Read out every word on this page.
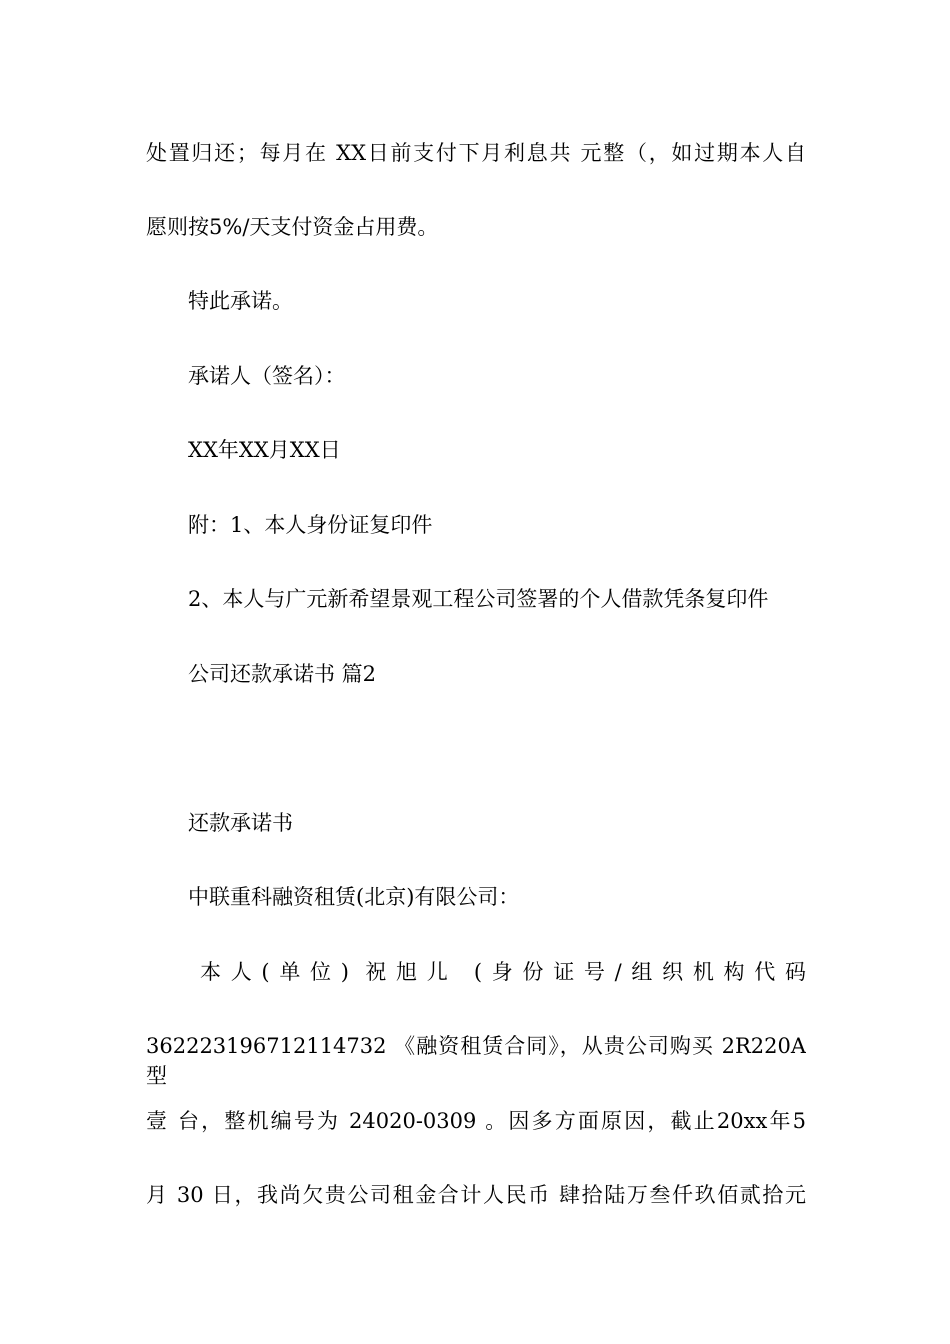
处置归还；每月在 XX日前支付下月利息共 元整（，如过期本人自
愿则按5%/天支付资金占用费。
特此承诺。
承诺人（签名）：
XX年XX月XX日
附：1、本人身份证复印件
2、本人与广元新希望景观工程公司签署的个人借款凭条复印件
公司还款承诺书 篇2
还款承诺书
中联重科融资租赁(北京)有限公司：
本人(单位) 祝旭儿 (身份证号/组织机构代码
362223196712114732 《融资租赁合同》，从贵公司购买 2R220A 型
壹 台，整机编号为 24020-0309 。因多方面原因，截止20xx年5
月 30 日，我尚欠贵公司租金合计人民币 肆拾陆万叁仟玖佰贰拾元
